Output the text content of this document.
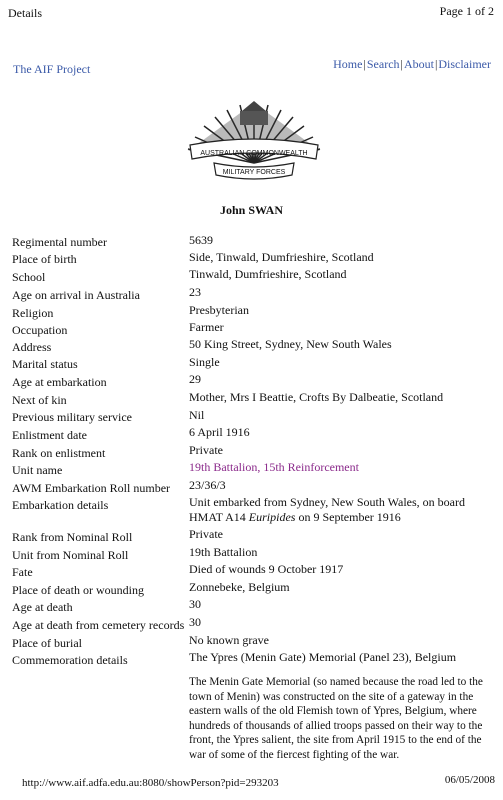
Details	Page 1 of 2
The AIF Project	Home|Search|About|Disclaimer
AUSTRALIAN COMMONWEALTH
MILITARY FORCES
John SWAN
Regimental number	5639
Place of birth	Side, Tinwald, Dumfrieshire, Scotland
School	Tinwald, Dumfrieshire, Scotland
Age on arrival in Australia	23
Religion	Presbyterian
Occupation	Farmer
Address	50 King Street, Sydney, New South Wales
Marital status	Single
Age at embarkation	29
Next of kin	Mother, Mrs I Beattie, Crofts By Dalbeatie, Scotland
Previous military service	Nil
Enlistment date	6 April 1916
Rank on enlistment	Private
Unit name	19th Battalion, 15th Reinforcement
AWM Embarkation Roll number 23/36/3
Embarkation details	Unit embarked from Sydney, New South Wales, on board
HMAT A14 Euripides on 9 September 1916
Rank from Nominal Roll	Private
Unit from Nominal Roll	19th Battalion
Fate	Died of wounds 9 October 1917
Place of death or wounding	Zonnebeke, Belgium
Age at death	30
Age at death from cemetery records 30
Place of burial	No known grave
Commemoration details	The Ypres (Menin Gate) Memorial (Panel 23), Belgium
The Menin Gate Memorial (so named because the road led to the town of Menin) was constructed on the site of a gateway in the eastern walls of the old Flemish town of Ypres, Belgium, where hundreds of thousands of allied troops passed on their way to the front, the Ypres salient, the site from April 1915 to the end of the war of some of the fiercest fighting of the war.
http://www.aif.adfa.edu.au:8080/showPerson?pid=293203	06/05/2008
